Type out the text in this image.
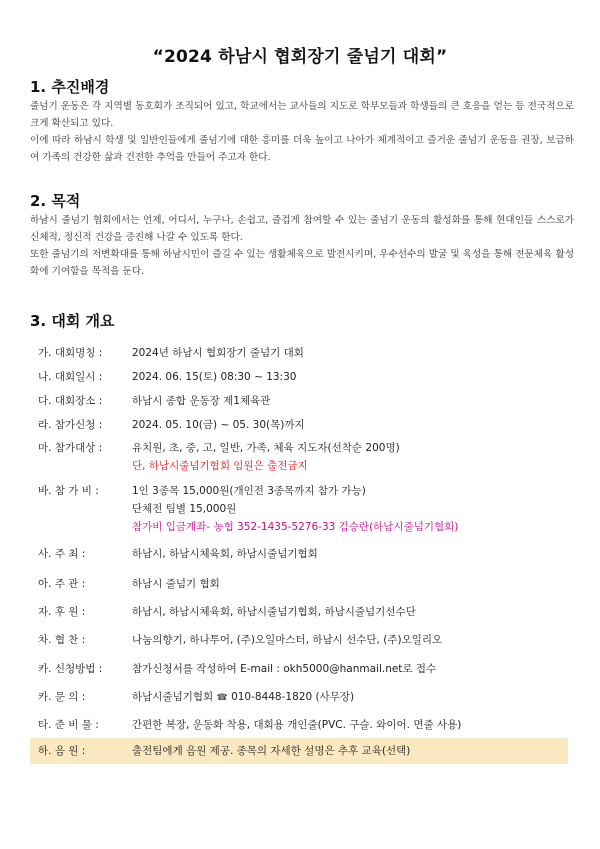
“2024 하남시 협회장기 줄넘기 대회”
1. 추진배경

줄넘기 운동은 각 지역별 동호회가 조직되어 있고, 학교에서는 교사들의 지도로 학부모들과 학생들의 큰 호응을 얻는 등 전국적으로 크게 확산되고 있다.

이에 따라 하남시 학생 및 일반인들에게 줄넘기에 대한 흥미를 더욱 높이고 나아가 체계적이고 즐거운 줄넘기 운동을 권장, 보급하여 가족의 건강한 삶과 건전한 추억을 만들어 주고자 한다.

2. 목적

하남시 줄넘기 협회에서는 언제, 어디서, 누구나, 손쉽고, 즐겁게 참여할 수 있는 줄넘기 운동의 활성화를 통해 현대인들 스스로가 신체적, 정신적 건강을 증진해 나갈 수 있도록 한다.

또한 줄넘기의 저변확대를 통해 하남시민이 즐길 수 있는 생활체육으로 발전시키며, 우수선수의 발굴 및 육성을 통해 전문체육 활성화에 기여함을 목적을 둔다.

3. 대회 개요
가. 대회명칭 :	2024년 하남시 협회장기 줄넘기 대회
나. 대회일시 :	2024. 06. 15(토) 08:30 ~ 13:30
다. 대회장소 :	하남시 종합 운동장 제1체육관
라. 참가신청 :	2024. 05. 10(금) ~ 05. 30(목)까지
마. 참가대상 :	유치원, 초, 중, 고, 일반, 가족, 체육 지도자(선착순 200명)
단, 하남시줄넘기협회 임원은 출전금지
바. 참 가 비 :	1인 3종목 15,000원(개인전 3종목까지 참가 가능)
단체전 팀별 15,000원
참가비 입금계좌- 농협 352-1435-5276-33 김승란(하남시줄넘기협회)
사. 주 최 :	하남시, 하남시체육회, 하남시줄넘기협회
아. 주 관 :	하남시 줄넘기 협회
자. 후 원 :	하남시, 하남시체육회, 하남시줄넘기협회, 하남시줄넘기선수단
차. 협 찬 :	나눔의향기, 하나투어, (주)오일마스터, 하남시 선수단, (주)오일리오
카. 신청방법 :	참가신청서를 작성하여 E-mail : okh5000@hanmail.net로 접수
카. 문 의 :	하남시줄넘기협회 ☎ 010-8448-1820 (사무장)
타. 준 비 물 :	간편한 복장, 운동화 착용, 대회용 개인줄(PVC. 구슬. 와이어. 면줄 사용)
하. 음 원 :	출전팀에게 음원 제공. 종목의 자세한 설명은 추후 교육(선택)
